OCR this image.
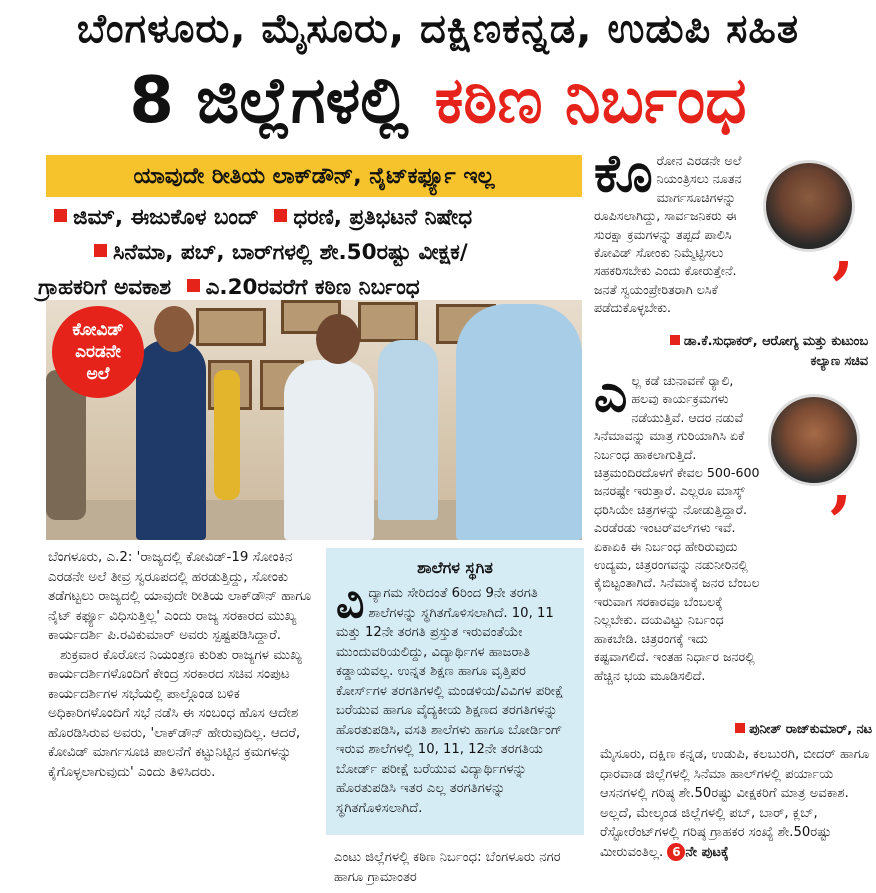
ಬೆಂಗಳೂರು, ಮೈಸೂರು, ದಕ್ಷಿಣಕನ್ನಡ, ಉಡುಪಿ ಸಹಿತ
8 ಜಿಲ್ಲೆಗಳಲ್ಲಿ ಕಠಿಣ ನಿರ್ಬಂಧ
ಯಾವುದೇ ರೀತಿಯ ಲಾಕ್‌ಡೌನ್, ನೈಟ್‌ಕರ್ಫ್ಯೂ ಇಲ್ಲ
ಜಿಮ್, ಈಜುಕೊಳ ಬಂದ್ ಧರಣಿ, ಪ್ರತಿಭಟನೆ ನಿಷೇಧ
ಸಿನೆಮಾ, ಪಬ್, ಬಾರ್‌ಗಳಲ್ಲಿ ಶೇ.50ರಷ್ಟು ವೀಕ್ಷಕ/
ಗ್ರಾಹಕರಿಗೆ ಅವಕಾಶ ಎ.20ರವರೆಗೆ ಕಠಿಣ ನಿರ್ಬಂಧ
ಕೋವಿಡ್
ಎರಡನೇ
ಅಲೆ

ಬೆಂಗಳೂರು, ಎ.2: 'ರಾಜ್ಯದಲ್ಲಿ ಕೋವಿಡ್-19 ಸೋಂಕಿನ ಎರಡನೇ ಅಲೆ ತೀವ್ರ ಸ್ವರೂಪದಲ್ಲಿ ಹರಡುತ್ತಿದ್ದು, ಸೋಂಕು ತಡೆಗಟ್ಟಲು ರಾಜ್ಯದಲ್ಲಿ ಯಾವುದೇ ರೀತಿಯ ಲಾಕ್‌ಡೌನ್ ಹಾಗೂ ನೈಟ್ ಕರ್ಫ್ಯೂ ವಿಧಿಸುತ್ತಿಲ್ಲ' ಎಂದು ರಾಜ್ಯ ಸರಕಾರದ ಮುಖ್ಯ ಕಾರ್ಯದರ್ಶಿ ಪಿ.ರವಿಕುಮಾರ್ ಅವರು ಸ್ಪಷ್ಟಪಡಿಸಿದ್ದಾರೆ.

ಶುಕ್ರವಾರ ಕೊರೋನ ನಿಯಂತ್ರಣ ಕುರಿತು ರಾಜ್ಯಗಳ ಮುಖ್ಯ ಕಾರ್ಯದರ್ಶಿಗಳೊಂದಿಗೆ ಕೇಂದ್ರ ಸರಕಾರದ ಸಚಿವ ಸಂಪುಟ ಕಾರ್ಯದರ್ಶಿಗಳ ಸಭೆಯಲ್ಲಿ ಪಾಲ್ಗೊಂಡ ಬಳಿಕ ಅಧಿಕಾರಿಗಳೊಂದಿಗೆ ಸಭೆ ನಡೆಸಿ ಈ ಸಂಬಂಧ ಹೊಸ ಆದೇಶ ಹೊರಡಿಸಿರುವ ಅವರು, 'ಲಾಕ್‌ಡೌನ್ ಹೇರುವುದಿಲ್ಲ. ಆದರೆ, ಕೋವಿಡ್ ಮಾರ್ಗಸೂಚಿ ಪಾಲನೆಗೆ ಕಟ್ಟುನಿಟ್ಟಿನ ಕ್ರಮಗಳನ್ನು ಕೈಗೊಳ್ಳಲಾಗುವುದು' ಎಂದು ತಿಳಿಸಿದರು.

ಶಾಲೆಗಳ ಸ್ಥಗಿತ
ವಿದ್ಯಾಗಮ ಸೇರಿದಂತೆ 6ರಿಂದ 9ನೇ ತರಗತಿ ಶಾಲೆಗಳನ್ನು ಸ್ಥಗಿತಗೊಳಿಸಲಾಗಿದೆ. 10, 11 ಮತ್ತು 12ನೇ ತರಗತಿ ಪ್ರಸ್ತುತ ಇರುವಂತೆಯೇ ಮುಂದುವರಿಯಲಿದ್ದು, ವಿದ್ಯಾರ್ಥಿಗಳ ಹಾಜರಾತಿ ಕಡ್ಡಾಯವಲ್ಲ. ಉನ್ನತ ಶಿಕ್ಷಣ ಹಾಗೂ ವೃತ್ತಿಪರ ಕೋರ್ಸ್‌ಗಳ ತರಗತಿಗಳಲ್ಲಿ ಮಂಡಳಿಯ/ವಿವಿಗಳ ಪರೀಕ್ಷೆ ಬರೆಯುವ ಹಾಗೂ ವೈದ್ಯಕೀಯ ಶಿಕ್ಷಣದ ತರಗತಿಗಳನ್ನು ಹೊರತುಪಡಿಸಿ, ವಸತಿ ಶಾಲೆಗಳು ಹಾಗೂ ಬೋರ್ಡಿಂಗ್ ಇರುವ ಶಾಲೆಗಳಲ್ಲಿ 10, 11, 12ನೇ ತರಗತಿಯ ಬೋರ್ಡ್ ಪರೀಕ್ಷೆ ಬರೆಯುವ ವಿದ್ಯಾರ್ಥಿಗಳನ್ನು ಹೊರತುಪಡಿಸಿ ಇತರ ಎಲ್ಲ ತರಗತಿಗಳನ್ನು ಸ್ಥಗಿತಗೊಳಿಸಲಾಗಿದೆ.
ಎಂಟು ಜಿಲ್ಲೆಗಳಲ್ಲಿ ಕಠಿಣ ನಿರ್ಬಂಧ: ಬೆಂಗಳೂರು ನಗರ ಹಾಗೂ ಗ್ರಾಮಾಂತರ
ಕೊರೋನ ಎರಡನೇ ಅಲೆ ನಿಯಂತ್ರಿಸಲು ನೂತನ ಮಾರ್ಗಸೂಚಿಗಳನ್ನು ರೂಪಿಸಲಾಗಿದ್ದು, ಸಾರ್ವಜನಿಕರು ಈ ಸುರಕ್ಷಾ ಕ್ರಮಗಳನ್ನು ತಪ್ಪದೆ ಪಾಲಿಸಿ ಕೋವಿಡ್ ಸೋಂಕು ನಿಮ್ಮೆಟ್ಟಿಸಲು ಸಹಕರಿಸಬೇಕು ಎಂದು ಕೋರುತ್ತೇನೆ. ಜನತೆ ಸ್ವಯಂಪ್ರೇರಿತರಾಗಿ ಲಸಿಕೆ ಪಡೆದುಕೊಳ್ಳಬೇಕು.
ಡಾ.ಕೆ.ಸುಧಾಕರ್, ಆರೋಗ್ಯ ಮತ್ತು ಕುಟುಂಬ ಕಲ್ಯಾಣ ಸಚಿವ
ಎಲ್ಲ ಕಡೆ ಚುನಾವಣೆ ರ್‍ಯಾಲಿ, ಹಲವು ಕಾರ್ಯಕ್ರಮಗಳು ನಡೆಯುತ್ತಿವೆ. ಆದರ ನಡುವೆ ಸಿನೆಮಾವನ್ನು ಮಾತ್ರ ಗುರಿಯಾಗಿಸಿ ಏಕೆ ನಿರ್ಬಂಧ ಹಾಕಲಾಗುತ್ತಿದೆ. ಚಿತ್ರಮಂದಿರದೊಳಗೆ ಕೇವಲ 500-600 ಜನರಷ್ಟೇ ಇರುತ್ತಾರೆ. ಎಲ್ಲರೂ ಮಾಸ್ಕ್ ಧರಿಸಿಯೇ ಚಿತ್ರಗಳನ್ನು ನೋಡುತ್ತಿದ್ದಾರೆ. ಎರಡೆರಡು ಇಂಟರ್‌ವಲ್‌ಗಳು ಇವೆ. ಏಕಾಏಕಿ ಈ ನಿರ್ಬಂಧ ಹೇರಿರುವುದು ಉದ್ಯಮ, ಚಿತ್ರರಂಗವನ್ನು ನಡುನೀರಿನಲ್ಲಿ ಕೈಬಿಟ್ಟಂತಾಗಿದೆ. ಸಿನೆಮಾಕ್ಕೆ ಜನರ ಬೆಂಬಲ ಇರುವಾಗ ಸರಕಾರವೂ ಬೆಂಬಲಕ್ಕೆ ನಿಲ್ಲಬೇಕು. ದಯವಿಟ್ಟು ನಿರ್ಬಂಧ ಹಾಕಬೇಡಿ. ಚಿತ್ರರಂಗಕ್ಕೆ ಇದು ಕಷ್ಟವಾಗಲಿದೆ. ಇಂತಹ ನಿರ್ಧಾರ ಜನರಲ್ಲಿ ಹೆಚ್ಚಿನ ಭಯ ಮೂಡಿಸಲಿದೆ.
,
,
ಪುನೀತ್ ರಾಜ್‌ಕುಮಾರ್, ನಟ
ಮೈಸೂರು, ದಕ್ಷಿಣ ಕನ್ನಡ, ಉಡುಪಿ, ಕಲಬುರಗಿ, ಬೀದರ್ ಹಾಗೂ ಧಾರವಾಡ ಜಿಲ್ಲೆಗಳಲ್ಲಿ ಸಿನೆಮಾ ಹಾಲ್‌ಗಳಲ್ಲಿ ಪರ್ಯಾಯ ಆಸನಗಳಲ್ಲಿ ಗರಿಷ್ಠ ಶೇ.50ರಷ್ಟು ವೀಕ್ಷಕರಿಗೆ ಮಾತ್ರ ಅವಕಾಶ. ಅಲ್ಲದೆ, ಮೇಲ್ಕಂಡ ಜಿಲ್ಲೆಗಳಲ್ಲಿ ಪಬ್, ಬಾರ್, ಕ್ಲಬ್, ರೆಸ್ಟೋರೆಂಟ್‌ಗಳಲ್ಲಿ ಗರಿಷ್ಠ ಗ್ರಾಹಕರ ಸಂಖ್ಯೆ ಶೇ.50ರಷ್ಟು ಮೀರುವಂತಿಲ್ಲ. 6 ನೇ ಪುಟಕ್ಕೆ
